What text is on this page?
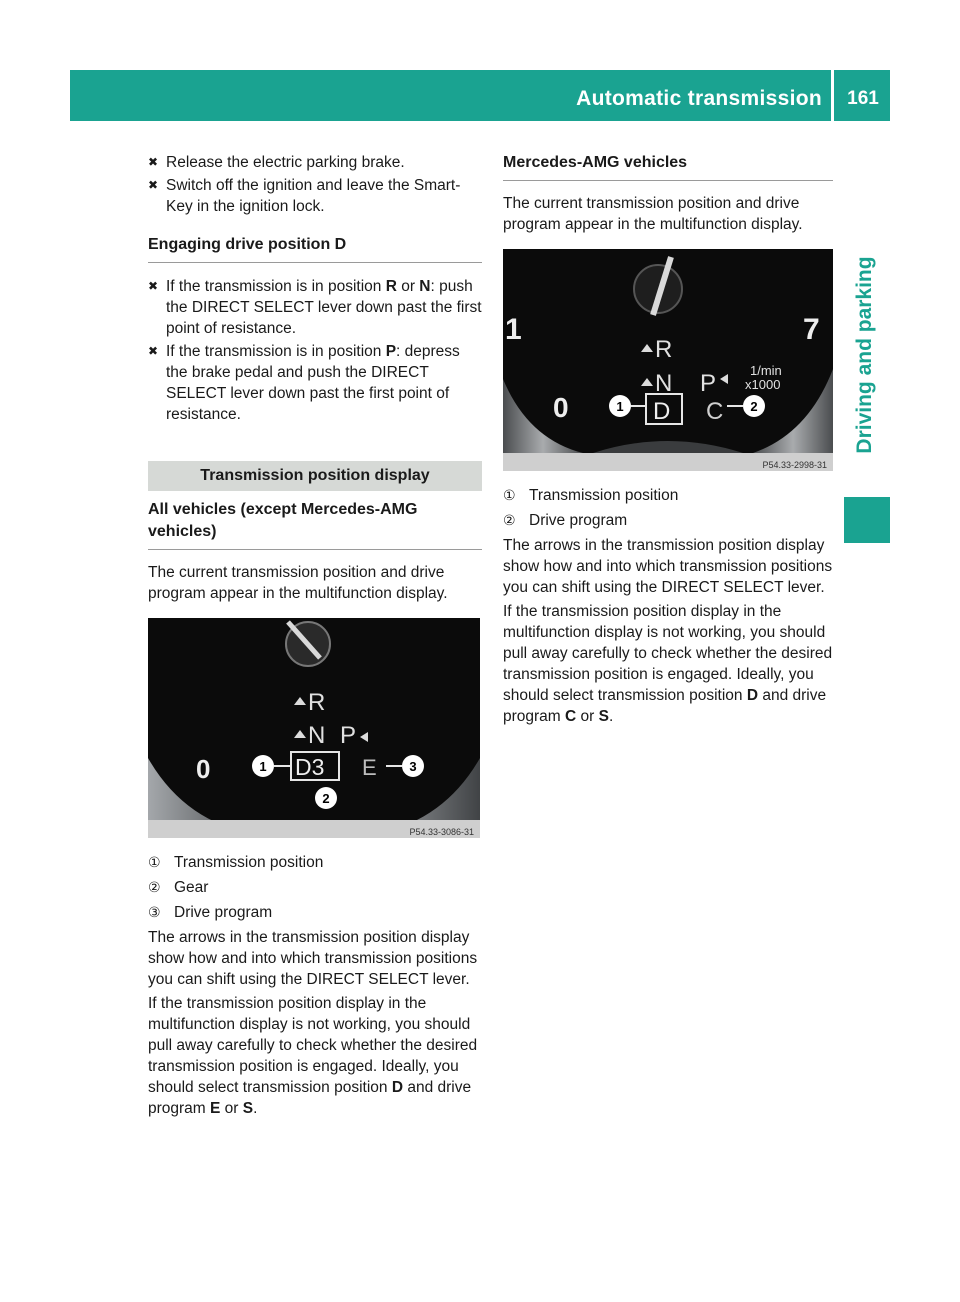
Automatic transmission	161
Driving and parking
✖ Release the electric parking brake.
✖ Switch off the ignition and leave the Smart-Key in the ignition lock.
Engaging drive position D
✖ If the transmission is in position R or N: push the DIRECT SELECT lever down past the first point of resistance.
✖ If the transmission is in position P: depress the brake pedal and push the DIRECT SELECT lever down past the first point of resistance.
Transmission position display
All vehicles (except Mercedes-AMG vehicles)

The current transmission position and drive program appear in the multifunction display.

0
R
N P
D3 E
1
2
3
P54.33-3086-31
① Transmission position
② Gear
③ Drive program

The arrows in the transmission position display show how and into which transmission positions you can shift using the DIRECT SELECT lever.

If the transmission position display in the multifunction display is not working, you should pull away carefully to check whether the desired transmission position is engaged. Ideally, you should select transmission position D and drive program E or S.

Mercedes-AMG vehicles

The current transmission position and drive program appear in the multifunction display.

1	7
0
R
N P	1/min
x1000
D C
1	2
P54.33-2998-31
① Transmission position
② Drive program

The arrows in the transmission position display show how and into which transmission positions you can shift using the DIRECT SELECT lever.

If the transmission position display in the multifunction display is not working, you should pull away carefully to check whether the desired transmission position is engaged. Ideally, you should select transmission position D and drive program C or S.
